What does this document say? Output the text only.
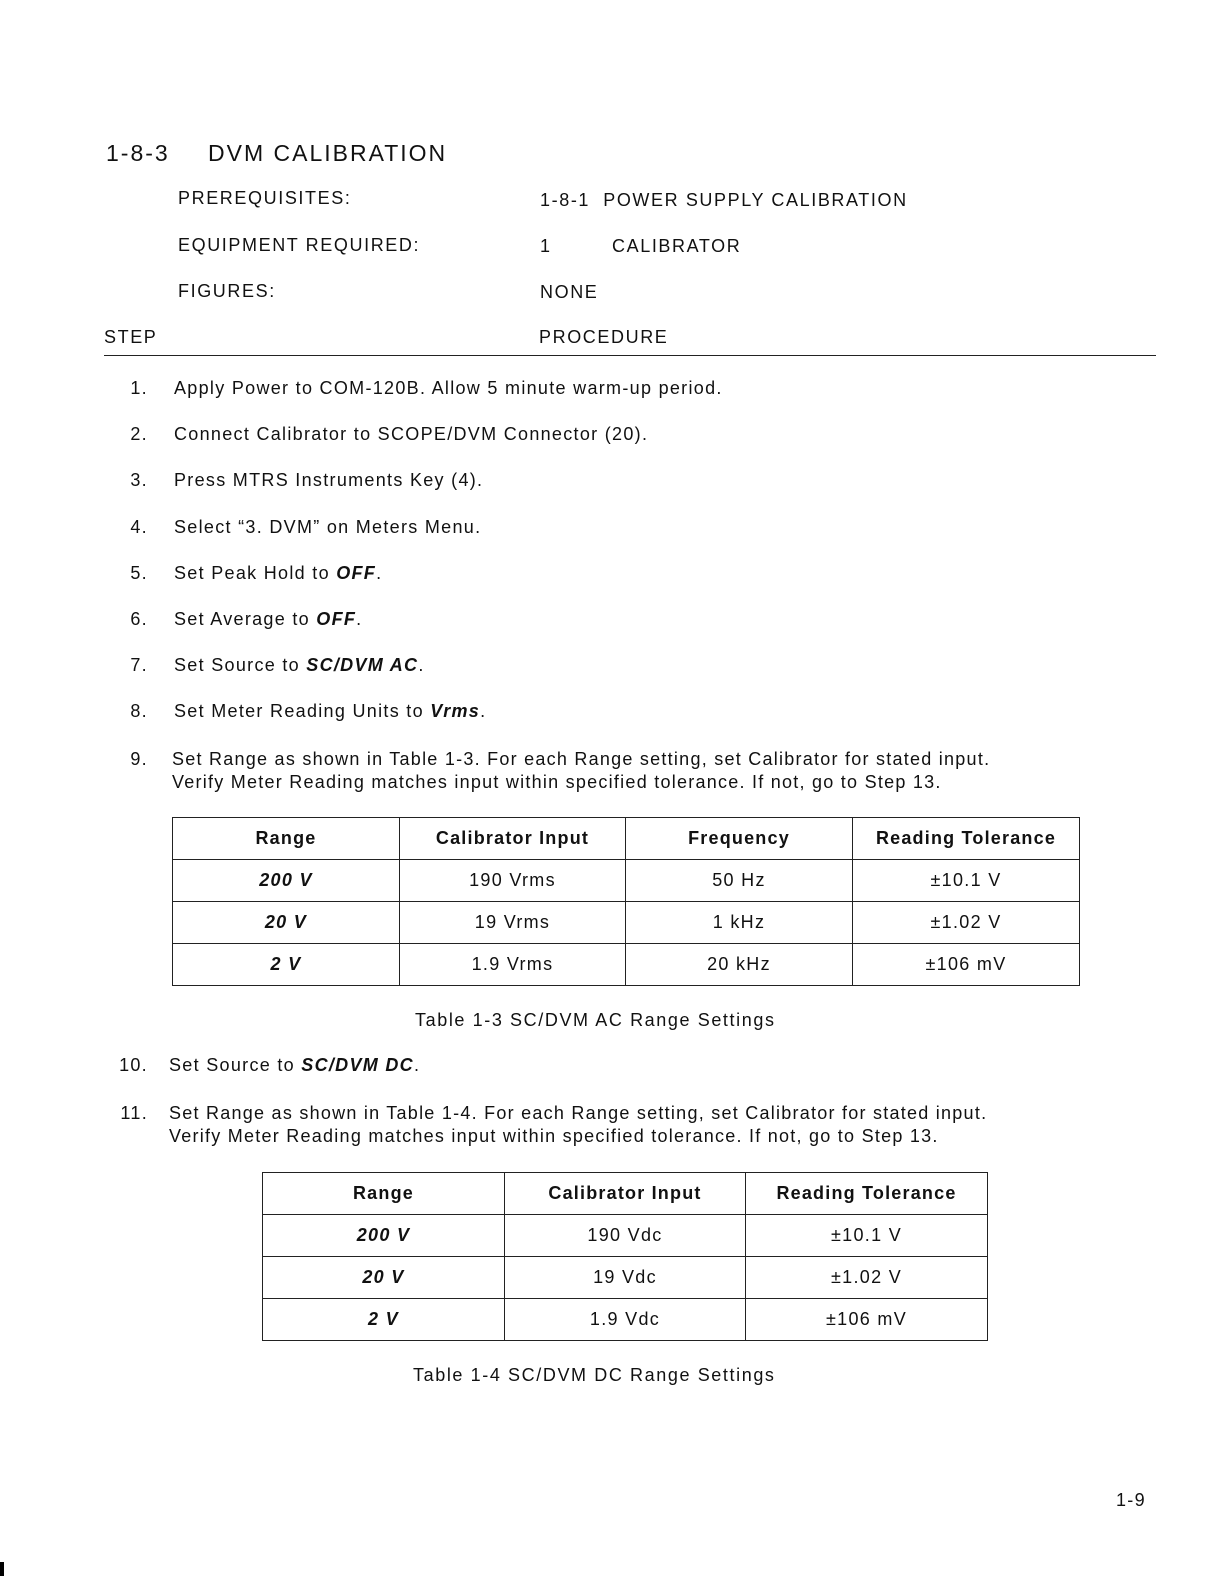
1-8-3 DVM CALIBRATION
PREREQUISITES:	1-8-1  POWER SUPPLY CALIBRATION
EQUIPMENT REQUIRED:	1	CALIBRATOR
FIGURES:	NONE
STEP	PROCEDURE
1. Apply Power to COM-120B. Allow 5 minute warm-up period.
2. Connect Calibrator to SCOPE/DVM Connector (20).
3. Press MTRS Instruments Key (4).
4. Select “3. DVM” on Meters Menu.
5. Set Peak Hold to OFF.
6. Set Average to OFF.
7. Set Source to SC/DVM AC.
8. Set Meter Reading Units to Vrms.
9. Set Range as shown in Table 1-3. For each Range setting, set Calibrator for stated input.
Verify Meter Reading matches input within specified tolerance. If not, go to Step 13.
Range	Calibrator Input	Frequency	Reading Tolerance
200 V	190 Vrms	50 Hz	±10.1 V
20 V	19 Vrms	1 kHz	±1.02 V
2 V	1.9 Vrms	20 kHz	±106 mV
Table 1-3 SC/DVM AC Range Settings
10. Set Source to SC/DVM DC.
11. Set Range as shown in Table 1-4. For each Range setting, set Calibrator for stated input.
Verify Meter Reading matches input within specified tolerance. If not, go to Step 13.
Range	Calibrator Input	Reading Tolerance
200 V	190 Vdc	±10.1 V
20 V	19 Vdc	±1.02 V
2 V	1.9 Vdc	±106 mV
Table 1-4 SC/DVM DC Range Settings
1-9
